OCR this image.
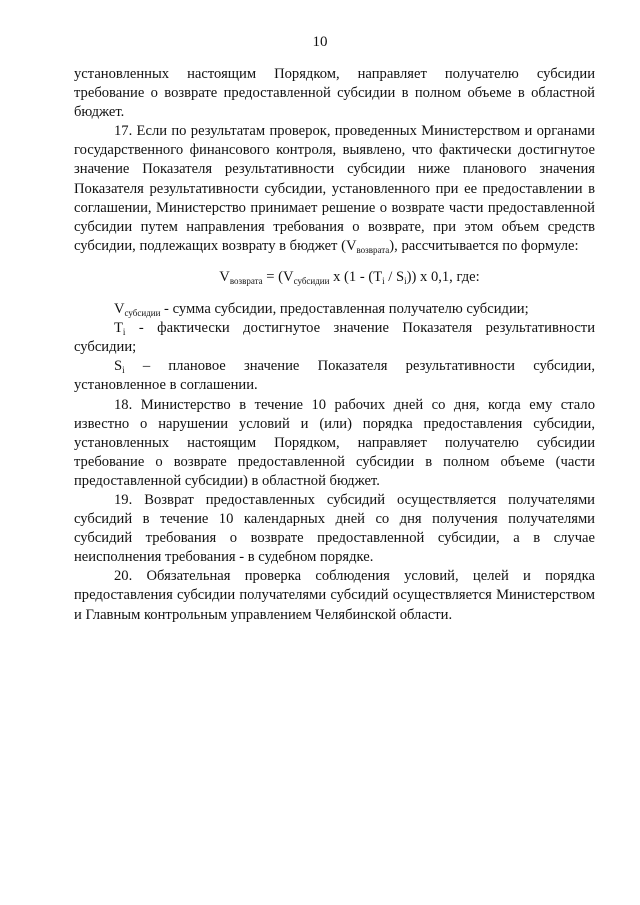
10

установленных настоящим Порядком, направляет получателю субсидии требование о возврате предоставленной субсидии в полном объеме в областной бюджет.

17. Если по результатам проверок, проведенных Министерством и органами государственного финансового контроля, выявлено, что фактически достигнутое значение Показателя результативности субсидии ниже планового значения Показателя результативности субсидии, установленного при ее предоставлении в соглашении, Министерство принимает решение о возврате части предоставленной субсидии путем направления требования о возврате, при этом объем средств субсидии, подлежащих возврату в бюджет $(V_{возврата})$, рассчитывается по формуле:

$V_{возврата} = (V_{субсидии}$ x $(1 - (T_i / S_i))$ x 0,1, где:

$V_{субсидии}$ - сумма субсидии, предоставленная получателю субсидии;

$T_i$ - фактически достигнутое значение Показателя результативности субсидии;

$S_i$ – плановое значение Показателя результативности субсидии, установленное в соглашении.

18. Министерство в течение 10 рабочих дней со дня, когда ему стало известно о нарушении условий и (или) порядка предоставления субсидии, установленных настоящим Порядком, направляет получателю субсидии требование о возврате предоставленной субсидии в полном объеме (части предоставленной субсидии) в областной бюджет.

19. Возврат предоставленных субсидий осуществляется получателями субсидий в течение 10 календарных дней со дня получения получателями субсидий требования о возврате предоставленной субсидии, а в случае неисполнения требования - в судебном порядке.

20. Обязательная проверка соблюдения условий, целей и порядка предоставления субсидии получателями субсидий осуществляется Министерством и Главным контрольным управлением Челябинской области.
